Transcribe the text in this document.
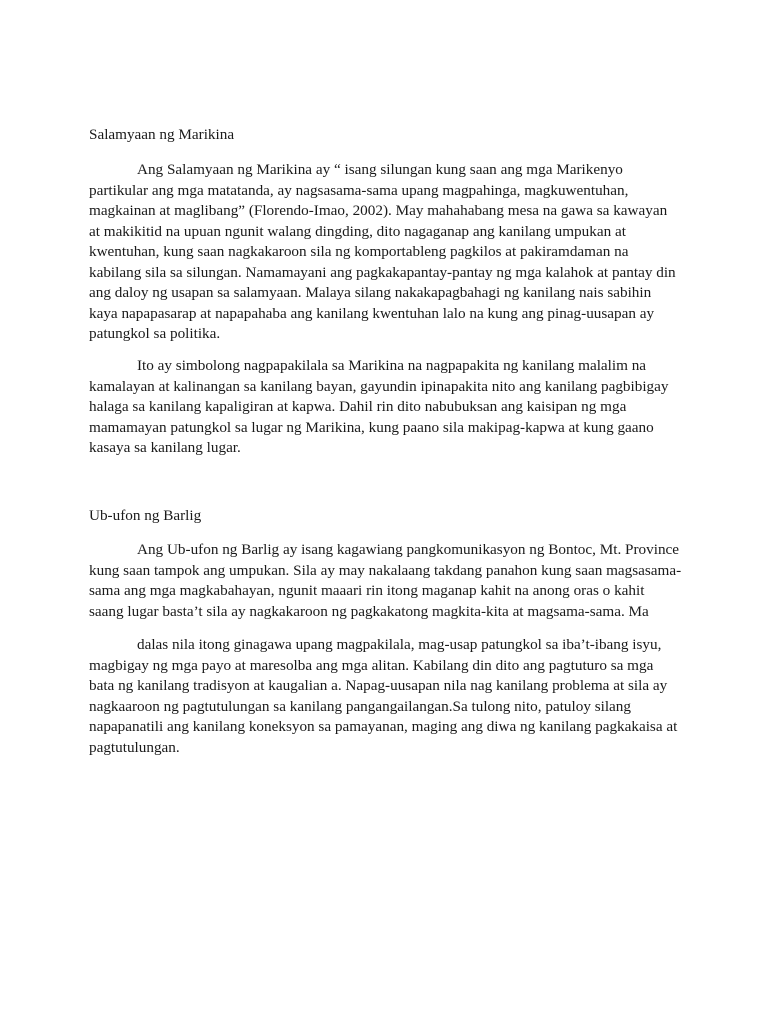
Salamyaan ng Marikina

Ang Salamyaan ng Marikina ay “ isang silungan kung saan ang mga Marikenyo
partikular ang mga matatanda, ay nagsasama-sama upang magpahinga, magkuwentuhan,
magkainan at maglibang” (Florendo-Imao, 2002). May mahahabang mesa na gawa sa kawayan
at makikitid na upuan ngunit walang dingding, dito nagaganap ang kanilang umpukan at
kwentuhan, kung saan nagkakaroon sila ng komportableng pagkilos at pakiramdaman na
kabilang sila sa silungan. Namamayani ang pagkakapantay-pantay ng mga kalahok at pantay din
ang daloy ng usapan sa salamyaan. Malaya silang nakakapagbahagi ng kanilang nais sabihin
kaya napapasarap at napapahaba ang kanilang kwentuhan lalo na kung ang pinag-uusapan ay
patungkol sa politika.

Ito ay simbolong nagpapakilala sa Marikina na nagpapakita ng kanilang malalim na
kamalayan at kalinangan sa kanilang bayan, gayundin ipinapakita nito ang kanilang pagbibigay
halaga sa kanilang kapaligiran at kapwa. Dahil rin dito nabubuksan ang kaisipan ng mga
mamamayan patungkol sa lugar ng Marikina, kung paano sila makipag-kapwa at kung gaano
kasaya sa kanilang lugar.

Ub-ufon ng Barlig

Ang Ub-ufon ng Barlig ay isang kagawiang pangkomunikasyon ng Bontoc, Mt. Province
kung saan tampok ang umpukan. Sila ay may nakalaang takdang panahon kung saan magsasama-
sama ang mga magkabahayan, ngunit maaari rin itong maganap kahit na anong oras o kahit
saang lugar basta’t sila ay nagkakaroon ng pagkakatong magkita-kita at magsama-sama. Ma

dalas nila itong ginagawa upang magpakilala, mag-usap patungkol sa iba’t-ibang isyu,
magbigay ng mga payo at maresolba ang mga alitan. Kabilang din dito ang pagtuturo sa mga
bata ng kanilang tradisyon at kaugalian a. Napag-uusapan nila nag kanilang problema at sila ay
nagkaaroon ng pagtutulungan sa kanilang pangangailangan.Sa tulong nito, patuloy silang
napapanatili ang kanilang koneksyon sa pamayanan, maging ang diwa ng kanilang pagkakaisa at
pagtutulungan.
